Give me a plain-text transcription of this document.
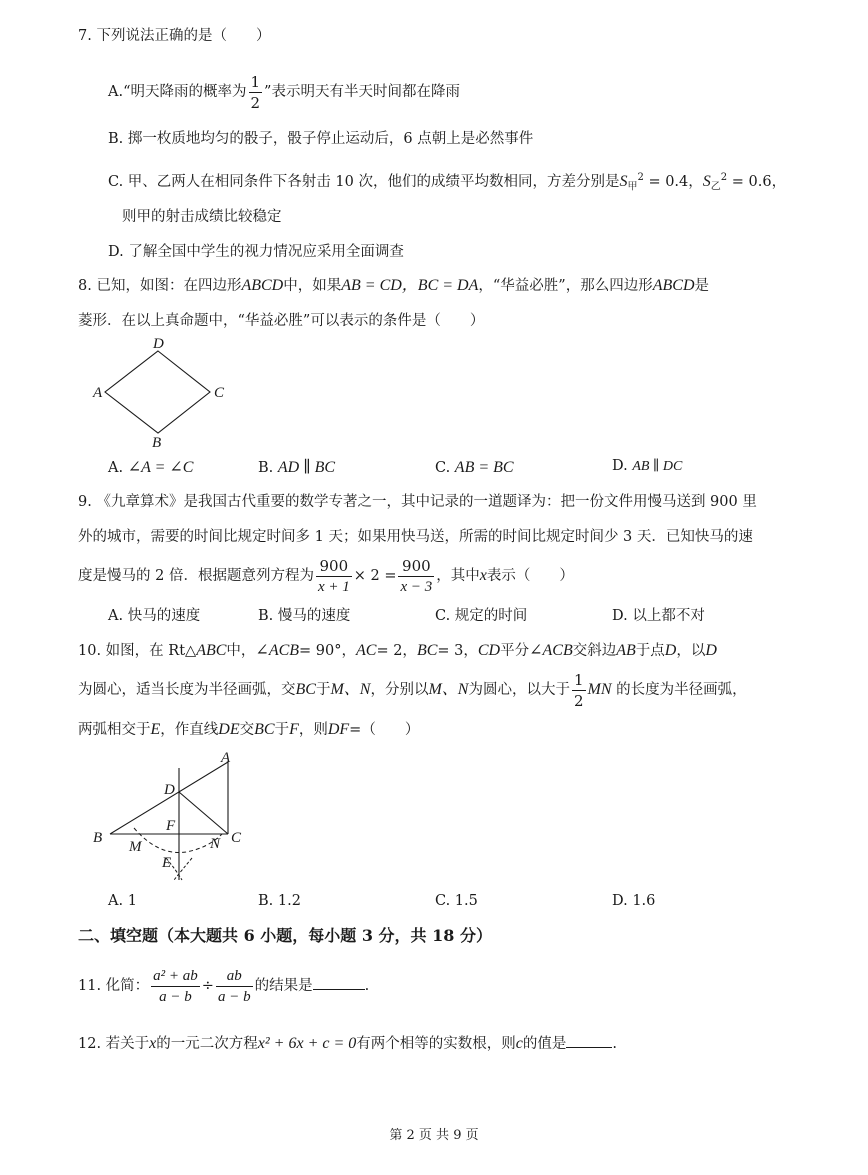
7. 下列说法正确的是（　　）
A.“明天降雨的概率为 $\frac{1}{2}$ ”表示明天有半天时间都在降雨
B. 掷一枚质地均匀的骰子，骰子停止运动后，6 点朝上是必然事件
C. 甲、乙两人在相同条件下各射击 10 次，他们的成绩平均数相同，方差分别是$S_甲^2 = 0.4$，$S_乙^2 = 0.6$，
则甲的射击成绩比较稳定
D. 了解全国中学生的视力情况应采用全面调查
8. 已知，如图：在四边形ABCD中，如果AB = CD，BC = DA，“华益必胜”，那么四边形ABCD是
菱形．在以上真命题中，“华益必胜”可以表示的条件是（　　）
D
A	C
B
A. ∠A = ∠C	B. AD ∥ BC	C. AB = BC	D. AB ∥ DC
9. 《九章算术》是我国古代重要的数学专著之一，其中记录的一道题译为：把一份文件用慢马送到 900 里
外的城市，需要的时间比规定时间多 1 天；如果用快马送，所需的时间比规定时间少 3 天．已知快马的速
度是慢马的 2 倍．根据题意列方程为 $\frac{900}{x + 1} \times 2 = \frac{900}{x - 3}$ ，其中x表示（　　）
A. 快马的速度	B. 慢马的速度	C. 规定的时间	D. 以上都不对
10. 如图，在 Rt△ABC中，∠ACB= 90°，AC= 2，BC= 3，CD平分∠ACB交斜边AB于点D，以D
为圆心，适当长度为半径画弧，交BC于M、N，分别以M、N为圆心，以大于 $\frac{1}{2}$ MN 的长度为半径画弧，
两弧相交于E，作直线DE交BC于F，则DF=（　　）
A
D
F
B	C
M	N
E
A. 1	B. 1.2	C. 1.5	D. 1.6
二、填空题（本大题共 6 小题，每小题 3 分，共 18 分）
11. 化简： $\frac{\text{a² + ab}}{a - b} \div \frac{ab}{a - b}$ 的结果是	.
12. 若关于x的一元二次方程x² + 6x + c = 0有两个相等的实数根，则c的值是	.
第 2 页 共 9 页
